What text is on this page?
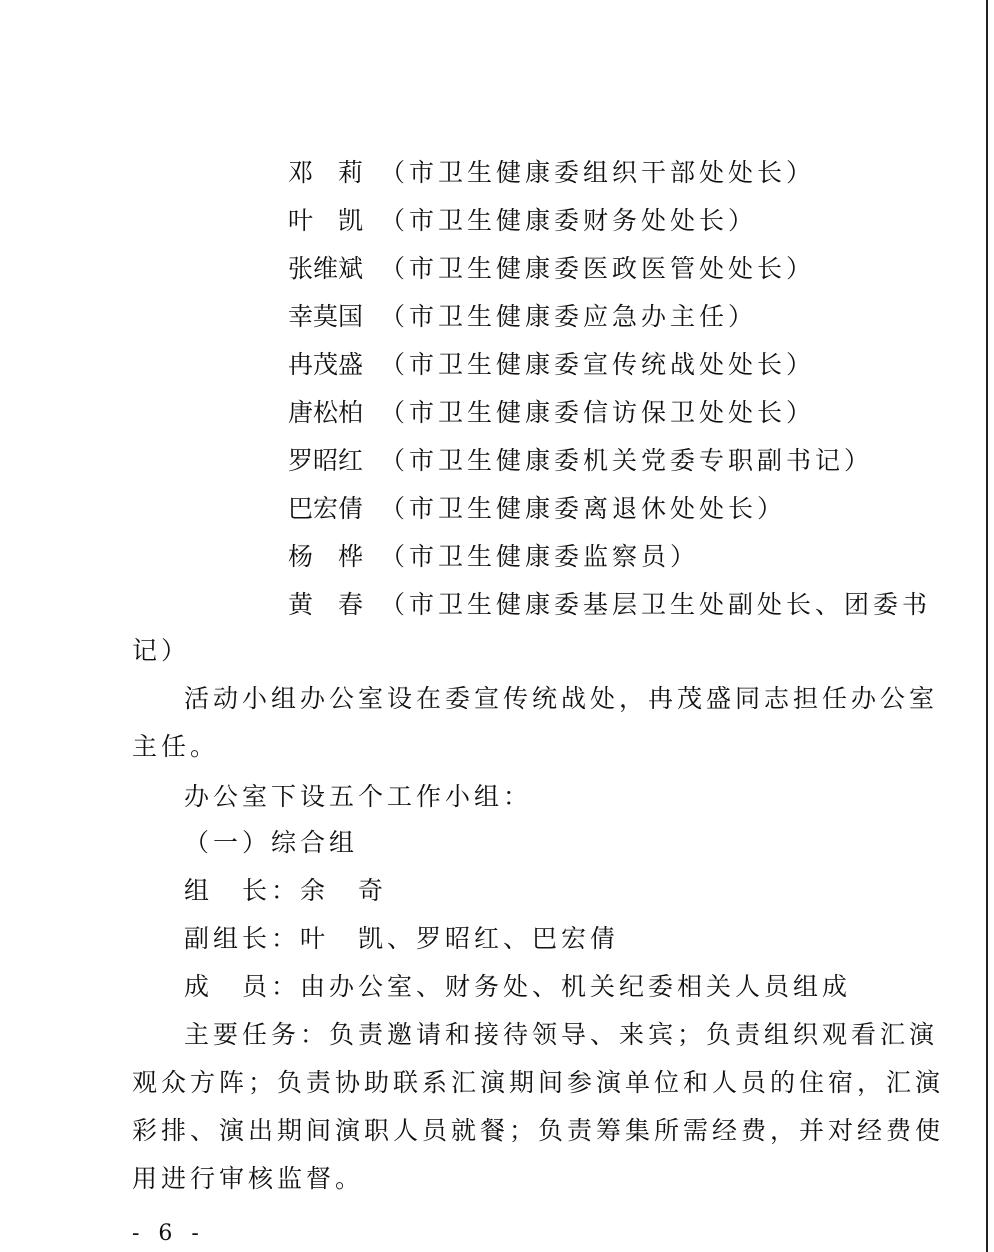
邓　莉 （市卫生健康委组织干部处处长）
叶　凯 （市卫生健康委财务处处长）
张维斌 （市卫生健康委医政医管处处长）
幸莫国 （市卫生健康委应急办主任）
冉茂盛 （市卫生健康委宣传统战处处长）
唐松柏 （市卫生健康委信访保卫处处长）
罗昭红 （市卫生健康委机关党委专职副书记）
巴宏倩 （市卫生健康委离退休处处长）
杨　桦 （市卫生健康委监察员）
黄　春 （市卫生健康委基层卫生处副处长、团委书
记）
活动小组办公室设在委宣传统战处，冉茂盛同志担任办公室
主任。
办公室下设五个工作小组：
（一）综合组
组　长：余　奇
副组长：叶　凯、罗昭红、巴宏倩
成　员：由办公室、财务处、机关纪委相关人员组成
主要任务：负责邀请和接待领导、来宾；负责组织观看汇演
观众方阵；负责协助联系汇演期间参演单位和人员的住宿，汇演
彩排、演出期间演职人员就餐；负责筹集所需经费，并对经费使
用进行审核监督。
- 6 -
